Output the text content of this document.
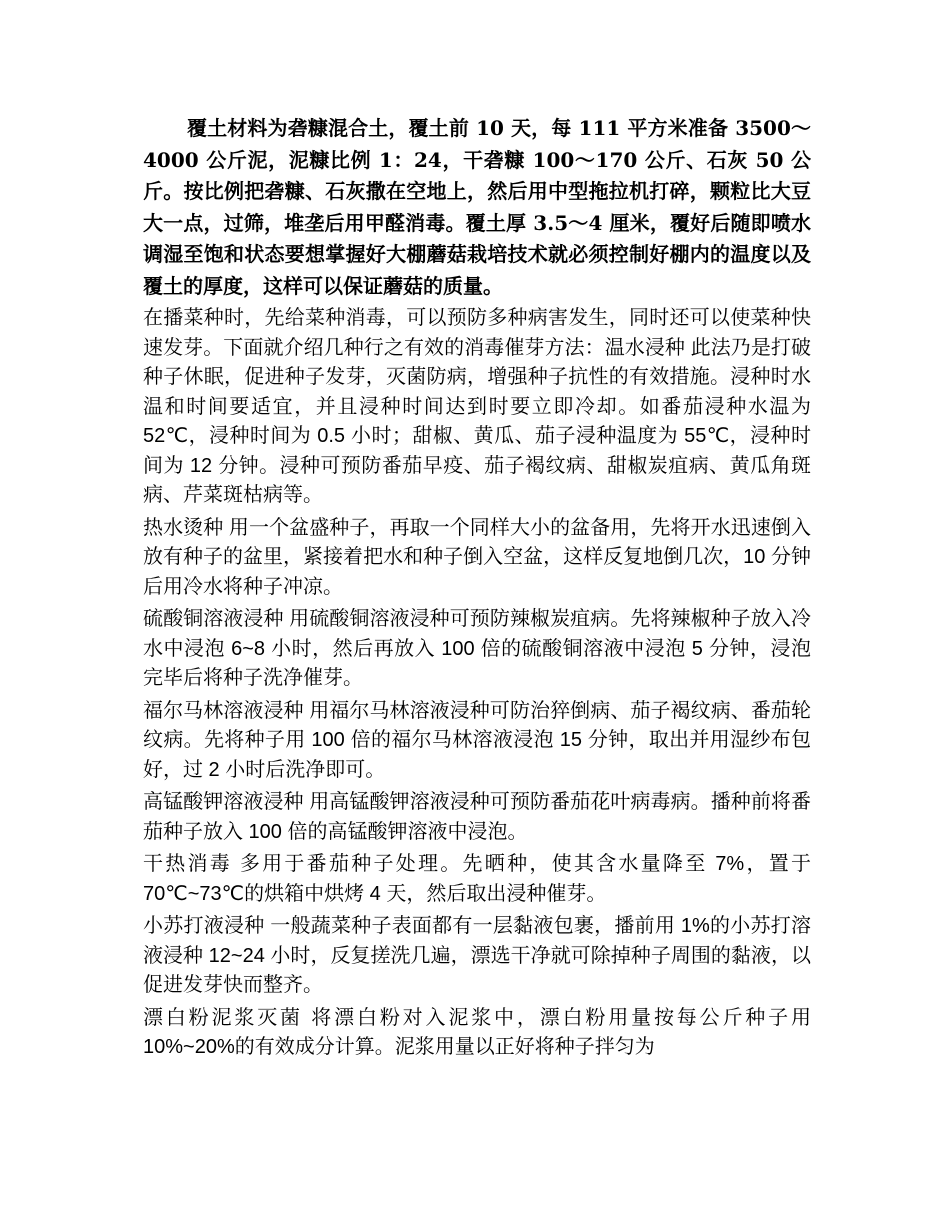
覆土材料为砻糠混合土，覆土前 10 天，每 111 平方米准备 3500～4000 公斤泥，泥糠比例 1：24，干砻糠 100～170 公斤、石灰 50 公斤。按比例把砻糠、石灰撒在空地上，然后用中型拖拉机打碎，颗粒比大豆大一点，过筛，堆垄后用甲醛消毒。覆土厚 3.5～4 厘米，覆好后随即喷水调湿至饱和状态要想掌握好大棚蘑菇栽培技术就必须控制好棚内的温度以及覆土的厚度，这样可以保证蘑菇的质量。

在播菜种时，先给菜种消毒，可以预防多种病害发生，同时还可以使菜种快速发芽。下面就介绍几种行之有效的消毒催芽方法：温水浸种 此法乃是打破种子休眠，促进种子发芽，灭菌防病，增强种子抗性的有效措施。浸种时水温和时间要适宜，并且浸种时间达到时要立即冷却。如番茄浸种水温为 52℃，浸种时间为 0.5 小时；甜椒、黄瓜、茄子浸种温度为 55℃，浸种时间为 12 分钟。浸种可预防番茄早疫、茄子褐纹病、甜椒炭疽病、黄瓜角斑病、芹菜斑枯病等。

热水烫种 用一个盆盛种子，再取一个同样大小的盆备用，先将开水迅速倒入放有种子的盆里，紧接着把水和种子倒入空盆，这样反复地倒几次，10 分钟后用冷水将种子冲凉。

硫酸铜溶液浸种 用硫酸铜溶液浸种可预防辣椒炭疽病。先将辣椒种子放入冷水中浸泡 6~8 小时，然后再放入 100 倍的硫酸铜溶液中浸泡 5 分钟，浸泡完毕后将种子洗净催芽。

福尔马林溶液浸种 用福尔马林溶液浸种可防治猝倒病、茄子褐纹病、番茄轮纹病。先将种子用 100 倍的福尔马林溶液浸泡 15 分钟，取出并用湿纱布包好，过 2 小时后洗净即可。

高锰酸钾溶液浸种 用高锰酸钾溶液浸种可预防番茄花叶病毒病。播种前将番茄种子放入 100 倍的高锰酸钾溶液中浸泡。

干热消毒 多用于番茄种子处理。先晒种，使其含水量降至 7%，置于 70℃~73℃的烘箱中烘烤 4 天，然后取出浸种催芽。

小苏打液浸种 一般蔬菜种子表面都有一层黏液包裹，播前用 1%的小苏打溶液浸种 12~24 小时，反复搓洗几遍，漂选干净就可除掉种子周围的黏液，以促进发芽快而整齐。

漂白粉泥浆灭菌 将漂白粉对入泥浆中，漂白粉用量按每公斤种子用 10%~20%的有效成分计算。泥浆用量以正好将种子拌匀为
